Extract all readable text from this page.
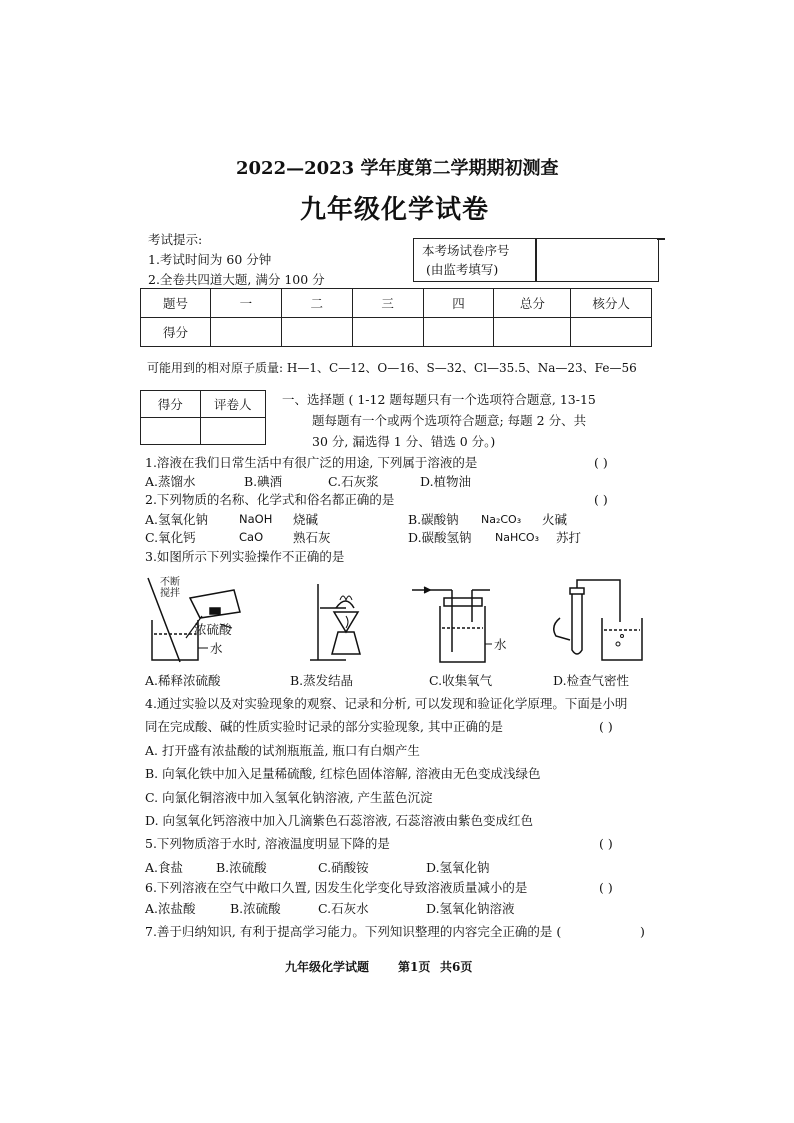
2022—2023 学年度第二学期期初测查
九年级化学试卷
考试提示:
1.考试时间为 60 分钟
2.全卷共四道大题, 满分 100 分
本考场试卷序号
(由监考填写)
题号	一	二	三	四	总分	核分人
得分						
可能用到的相对原子质量: H—1、C—12、O—16、S—32、Cl—35.5、Na—23、Fe—56
得分	评卷人
	一、选择题 ( 1-12 题每题只有一个选项符合题意, 13-15
题每题有一个或两个选项符合题意; 每题 2 分、共
30 分, 漏选得 1 分、错选 0 分。)
1.溶液在我们日常生活中有很广泛的用途, 下列属于溶液的是	( )
A.蒸馏水	B.碘酒	C.石灰浆	D.植物油
2.下列物质的名称、化学式和俗名都正确的是	( )
A.氢氧化钠	NaOH 烧碱	B.碳酸钠 Na₂CO₃ 火碱
C.氧化钙	CaO 熟石灰	D.碳酸氢钠 NaHCO₃ 苏打
3.如图所示下列实验操作不正确的是
不断
搅拌
浓硫酸
水	水
A.稀释浓硫酸	B.蒸发结晶	C.收集氧气	D.检查气密性
4.通过实验以及对实验现象的观察、记录和分析, 可以发现和验证化学原理。下面是小明
同在完成酸、碱的性质实验时记录的部分实验现象, 其中正确的是	( )
A. 打开盛有浓盐酸的试剂瓶瓶盖, 瓶口有白烟产生
B. 向氧化铁中加入足量稀硫酸, 红棕色固体溶解, 溶液由无色变成浅绿色
C. 向氯化铜溶液中加入氢氧化钠溶液, 产生蓝色沉淀
D. 向氢氧化钙溶液中加入几滴紫色石蕊溶液, 石蕊溶液由紫色变成红色
5.下列物质溶于水时, 溶液温度明显下降的是	( )
A.食盐	B.浓硫酸	C.硝酸铵	D.氢氧化钠
6.下列溶液在空气中敞口久置, 因发生化学变化导致溶液质量减小的是	( )
A.浓盐酸	B.浓硫酸	C.石灰水	D.氢氧化钠溶液
7.善于归纳知识, 有利于提高学习能力。下列知识整理的内容完全正确的是 (	)
九年级化学试题 第1页 共6页
